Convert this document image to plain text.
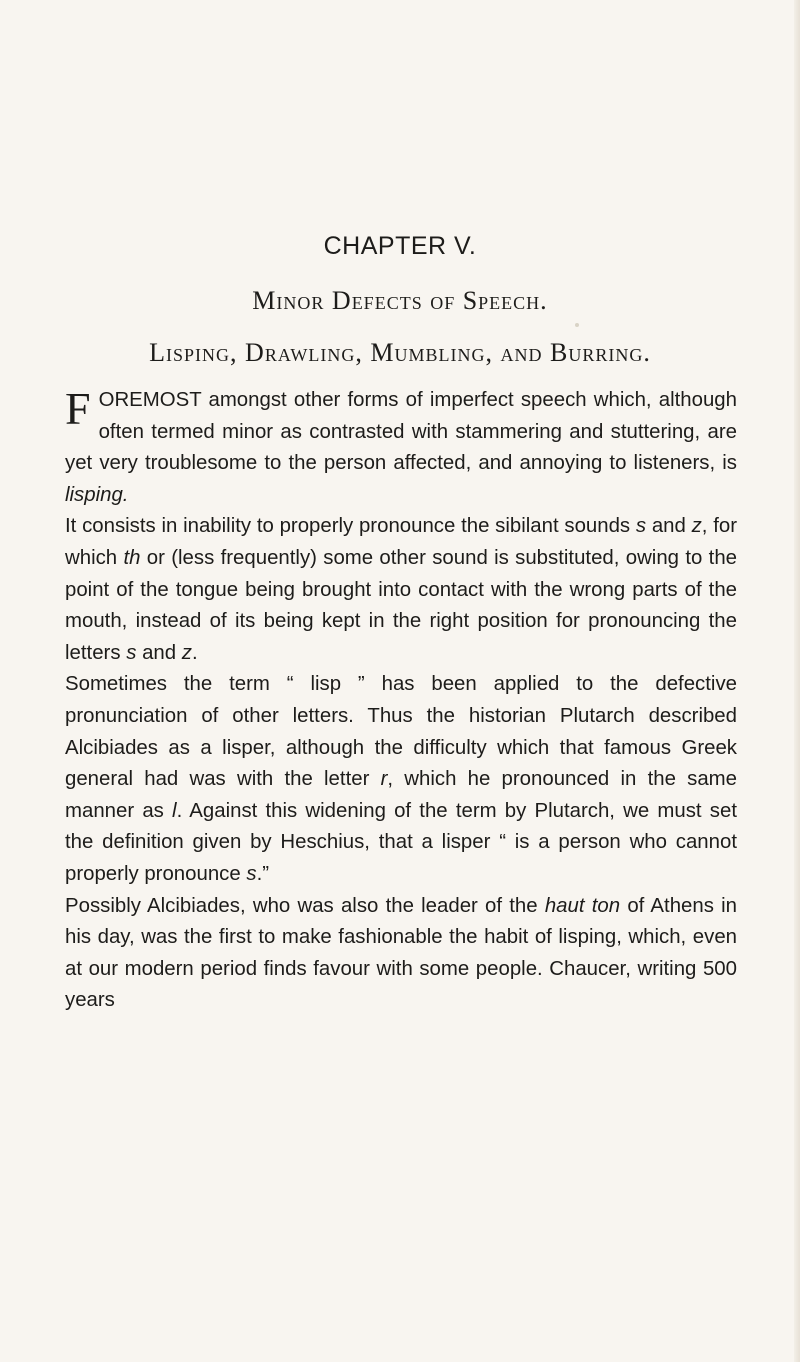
CHAPTER V.
Minor Defects of Speech.
Lisping, Drawling, Mumbling, and Burring.

FOREMOST amongst other forms of imperfect speech which, although often termed minor as contrasted with stammering and stuttering, are yet very troublesome to the person affected, and annoying to listeners, is lisping.

It consists in inability to properly pronounce the sibilant sounds s and z, for which th or (less frequently) some other sound is substituted, owing to the point of the tongue being brought into contact with the wrong parts of the mouth, instead of its being kept in the right position for pronouncing the letters s and z.

Sometimes the term “ lisp ” has been applied to the defective pronunciation of other letters. Thus the historian Plutarch described Alcibiades as a lisper, although the difficulty which that famous Greek general had was with the letter r, which he pronounced in the same manner as l. Against this widening of the term by Plutarch, we must set the definition given by Heschius, that a lisper “ is a person who cannot properly pronounce s.”

Possibly Alcibiades, who was also the leader of the haut ton of Athens in his day, was the first to make fashionable the habit of lisping, which, even at our modern period finds favour with some people. Chaucer, writing 500 years
